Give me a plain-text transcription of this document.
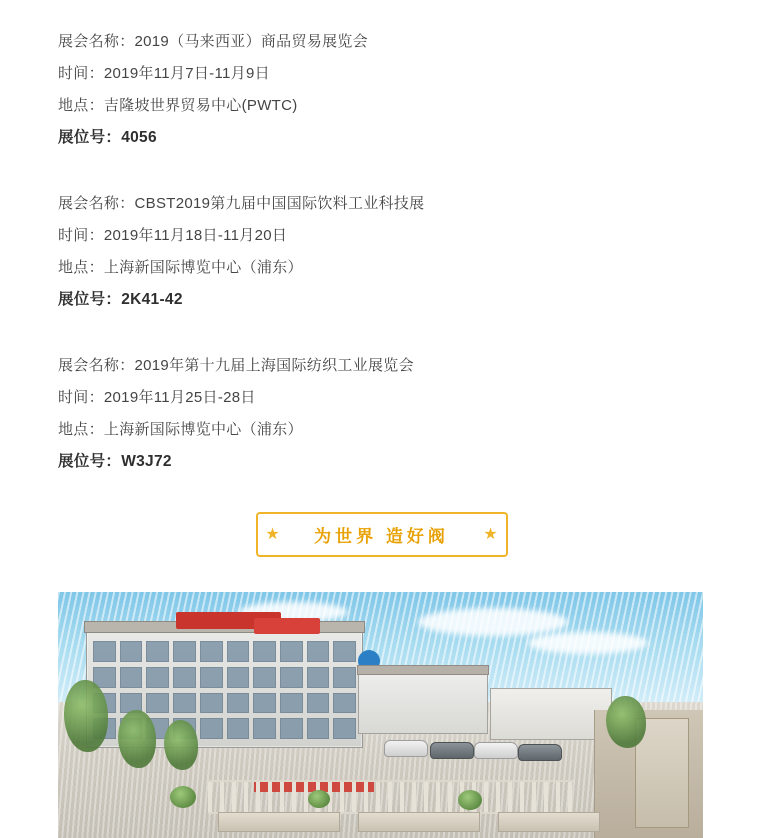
展会名称：2019（马来西亚）商品贸易展览会
时间：2019年11月7日-11月9日
地点：吉隆坡世界贸易中心(PWTC)
展位号：4056
展会名称：CBST2019第九届中国国际饮料工业科技展
时间：2019年11月18日-11月20日
地点：上海新国际博览中心（浦东）
展位号：2K41-42
展会名称：2019年第十九届上海国际纺织工业展览会
时间：2019年11月25日-28日
地点：上海新国际博览中心（浦东）
展位号：W3J72
★ 为世界 造好阀 ★
